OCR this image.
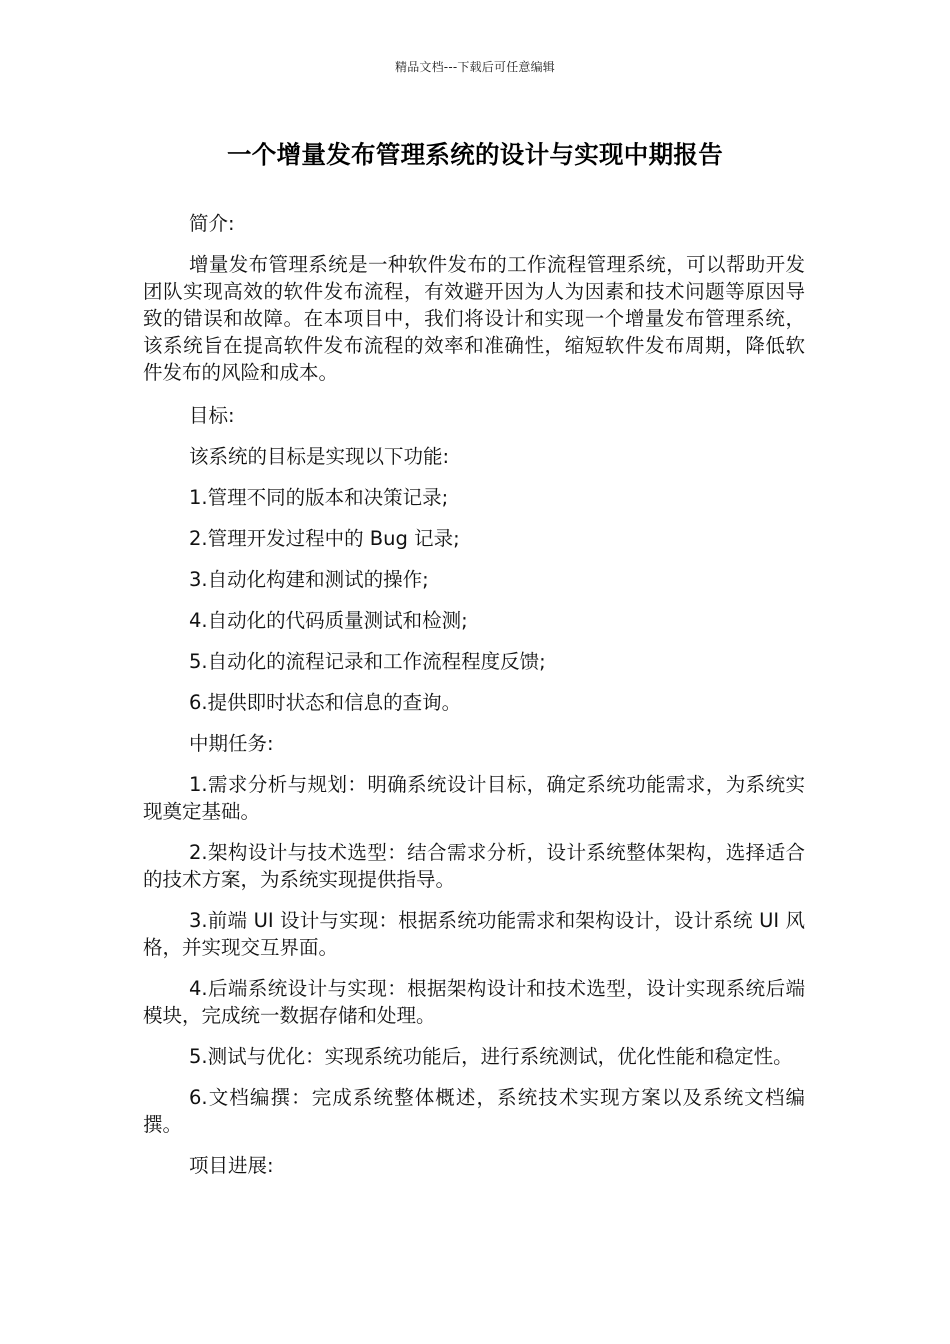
精品文档---下载后可任意编辑
一个增量发布管理系统的设计与实现中期报告

简介:

增量发布管理系统是一种软件发布的工作流程管理系统，可以帮助开发团队实现高效的软件发布流程，有效避开因为人为因素和技术问题等原因导致的错误和故障。在本项目中，我们将设计和实现一个增量发布管理系统，该系统旨在提高软件发布流程的效率和准确性，缩短软件发布周期，降低软件发布的风险和成本。

目标:

该系统的目标是实现以下功能:

1.管理不同的版本和决策记录;

2.管理开发过程中的 Bug 记录;

3.自动化构建和测试的操作;

4.自动化的代码质量测试和检测;

5.自动化的流程记录和工作流程程度反馈;

6.提供即时状态和信息的查询。

中期任务:

1.需求分析与规划：明确系统设计目标，确定系统功能需求，为系统实现奠定基础。

2.架构设计与技术选型：结合需求分析，设计系统整体架构，选择适合的技术方案，为系统实现提供指导。

3.前端 UI 设计与实现：根据系统功能需求和架构设计，设计系统 UI 风格，并实现交互界面。

4.后端系统设计与实现：根据架构设计和技术选型，设计实现系统后端模块，完成统一数据存储和处理。

5.测试与优化：实现系统功能后，进行系统测试，优化性能和稳定性。

6.文档编撰：完成系统整体概述，系统技术实现方案以及系统文档编撰。

项目进展:
